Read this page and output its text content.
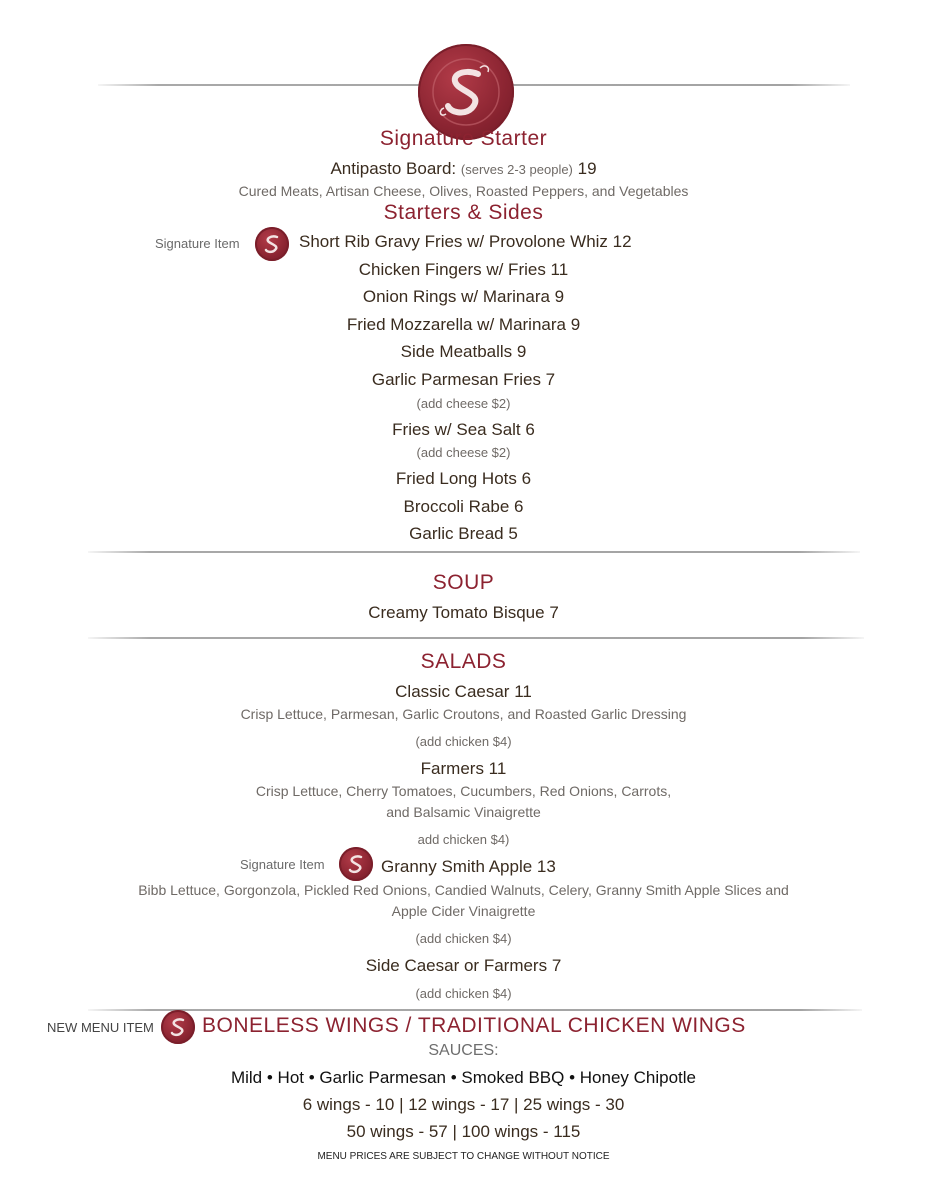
Signature Starter
Antipasto Board: (serves 2-3 people) 19
Cured Meats, Artisan Cheese, Olives, Roasted Peppers, and Vegetables
Starters & Sides
Signature Item	Short Rib Gravy Fries w/ Provolone Whiz 12
Chicken Fingers w/ Fries 11
Onion Rings w/ Marinara 9
Fried Mozzarella w/ Marinara 9
Side Meatballs 9
Garlic Parmesan Fries 7
(add cheese $2)
Fries w/ Sea Salt 6
(add cheese $2)
Fried Long Hots 6
Broccoli Rabe 6
Garlic Bread 5
SOUP
Creamy Tomato Bisque 7
SALADS
Classic Caesar 11
Crisp Lettuce, Parmesan, Garlic Croutons, and Roasted Garlic Dressing
(add chicken $4)
Farmers 11
Crisp Lettuce, Cherry Tomatoes, Cucumbers, Red Onions, Carrots,
and Balsamic Vinaigrette
add chicken $4)
Signature Item	Granny Smith Apple 13
Bibb Lettuce, Gorgonzola, Pickled Red Onions, Candied Walnuts, Celery, Granny Smith Apple Slices and
Apple Cider Vinaigrette
(add chicken $4)
Side Caesar or Farmers 7
(add chicken $4)
NEW MENU ITEM BONELESS WINGS / TRADITIONAL CHICKEN WINGS
SAUCES:
Mild • Hot • Garlic Parmesan • Smoked BBQ • Honey Chipotle
6 wings - 10 | 12 wings - 17 | 25 wings - 30
50 wings - 57 | 100 wings - 115
MENU PRICES ARE SUBJECT TO CHANGE WITHOUT NOTICE
